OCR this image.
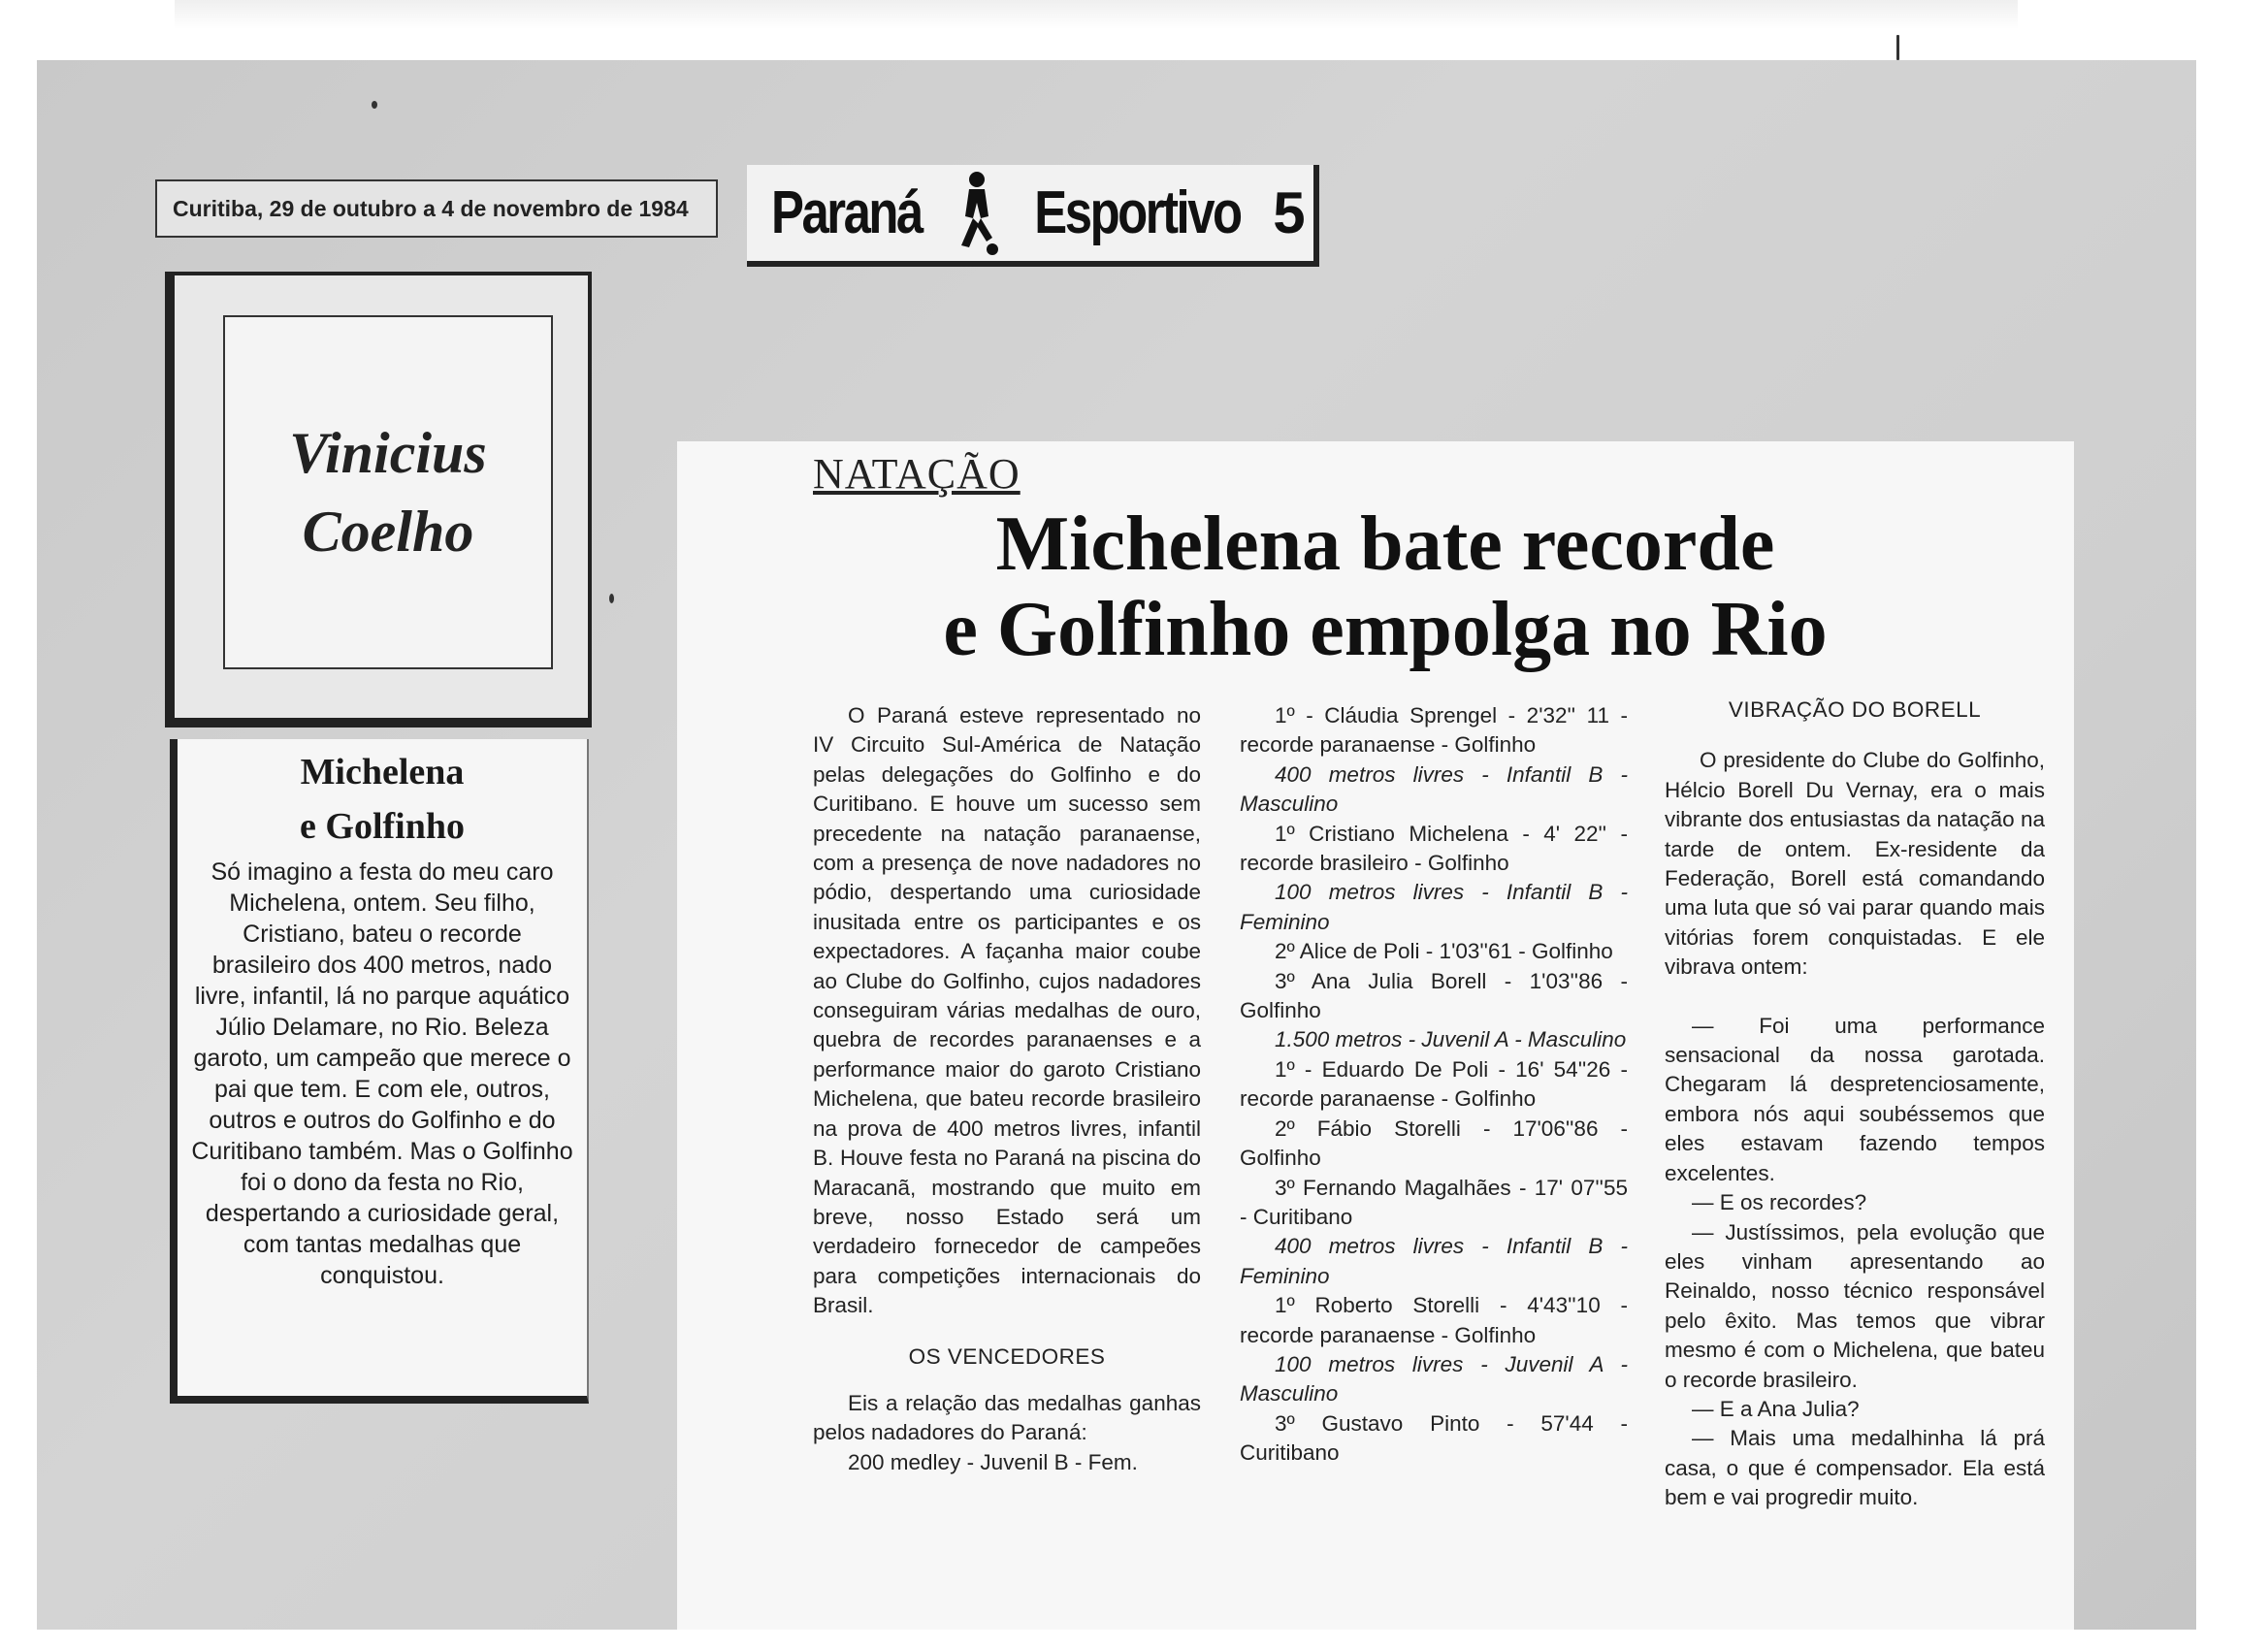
Curitiba, 29 de outubro a 4 de novembro de 1984	Paraná Esportivo 5
Vinicius
Coelho
Michelena
e Golfinho
Só imagino a festa do meu caro Michelena, ontem. Seu filho, Cristiano, bateu o recorde brasileiro dos 400 metros, nado livre, infantil, lá no parque aquático Júlio Delamare, no Rio. Beleza garoto, um campeão que merece o pai que tem. E com ele, outros, outros e outros do Golfinho e do Curitibano também. Mas o Golfinho foi o dono da festa no Rio, despertando a curiosidade geral, com tantas medalhas que conquistou.
NATAÇÃO
Michelena bate recorde
e Golfinho empolga no Rio

O Paraná esteve representado no IV Circuito Sul-América de Natação pelas delegações do Golfinho e do Curitibano. E houve um sucesso sem precedente na natação paranaense, com a presença de nove nadadores no pódio, despertando uma curiosidade inusitada entre os participantes e os expectadores. A façanha maior coube ao Clube do Golfinho, cujos nadadores conseguiram várias medalhas de ouro, quebra de recordes paranaenses e a performance maior do garoto Cristiano Michelena, que bateu recorde brasileiro na prova de 400 metros livres, infantil B. Houve festa no Paraná na piscina do Maracanã, mostrando que muito em breve, nosso Estado será um verdadeiro fornecedor de campeões para competições internacionais do Brasil.

OS VENCEDORES

Eis a relação das medalhas ganhas pelos nadadores do Paraná:

200 medley - Juvenil B - Fem.

1º - Cláudia Sprengel - 2'32'' 11 - recorde paranaense - Golfinho

400 metros livres - Infantil B - Masculino

1º Cristiano Michelena - 4' 22'' - recorde brasileiro - Golfinho

100 metros livres - Infantil B - Feminino

2º Alice de Poli - 1'03''61 - Golfinho

3º Ana Julia Borell - 1'03''86 - Golfinho

1.500 metros - Juvenil A - Masculino

1º - Eduardo De Poli - 16' 54''26 - recorde paranaense - Golfinho

2º Fábio Storelli - 17'06''86 - Golfinho

3º Fernando Magalhães - 17' 07''55 - Curitibano

400 metros livres - Infantil B - Feminino

1º Roberto Storelli - 4'43''10 - recorde paranaense - Golfinho

100 metros livres - Juvenil A - Masculino

3º Gustavo Pinto - 57'44 - Curitibano

VIBRAÇÃO DO BORELL

O presidente do Clube do Golfinho, Hélcio Borell Du Vernay, era o mais vibrante dos entusiastas da natação na tarde de ontem. Ex-residente da Federação, Borell está comandando uma luta que só vai parar quando mais vitórias forem conquistadas. E ele vibrava ontem:

— Foi uma performance sensacional da nossa garotada. Chegaram lá despretenciosamente, embora nós aqui soubéssemos que eles estavam fazendo tempos excelentes.

— E os recordes?

— Justíssimos, pela evolução que eles vinham apresentando ao Reinaldo, nosso técnico responsável pelo êxito. Mas temos que vibrar mesmo é com o Michelena, que bateu o recorde brasileiro.

— E a Ana Julia?

— Mais uma medalhinha lá prá casa, o que é compensador. Ela está bem e vai progredir muito.
